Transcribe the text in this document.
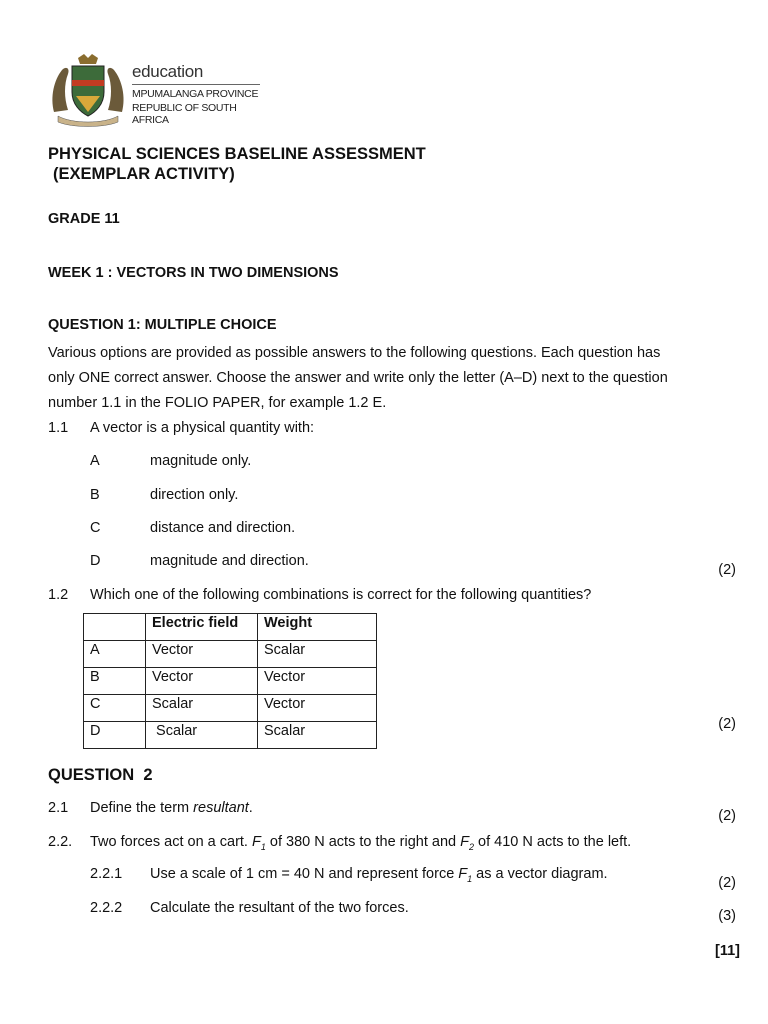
education
MPUMALANGA PROVINCE
REPUBLIC OF SOUTH AFRICA
PHYSICAL SCIENCES BASELINE ASSESSMENT
(EXEMPLAR ACTIVITY)
GRADE 11
WEEK 1 : VECTORS IN TWO DIMENSIONS
QUESTION 1: MULTIPLE CHOICE
Various options are provided as possible answers to the following questions. Each question has
only ONE correct answer. Choose the answer and write only the letter (A–D) next to the question
number 1.1 in the FOLIO PAPER, for example 1.2 E.
1.1 A vector is a physical quantity with:
A	magnitude only.
B	direction only.
C	distance and direction.
D	magnitude and direction.
(2)
1.2 Which one of the following combinations is correct for the following quantities?
	Electric field	Weight
A	Vector	Scalar
B	Vector	Vector
C	Scalar	Vector
D	Scalar	Scalar	(2)
QUESTION  2
2.1 Define the term resultant.	(2)
2.2. Two forces act on a cart. $F_1$ of 380 N acts to the right and $F_2$ of 410 N acts to the left.
2.2.1 Use a scale of 1 cm = 40 N and represent force $F_1$ as a vector diagram.
(2)
2.2.2 Calculate the resultant of the two forces.	(3)
[11]
